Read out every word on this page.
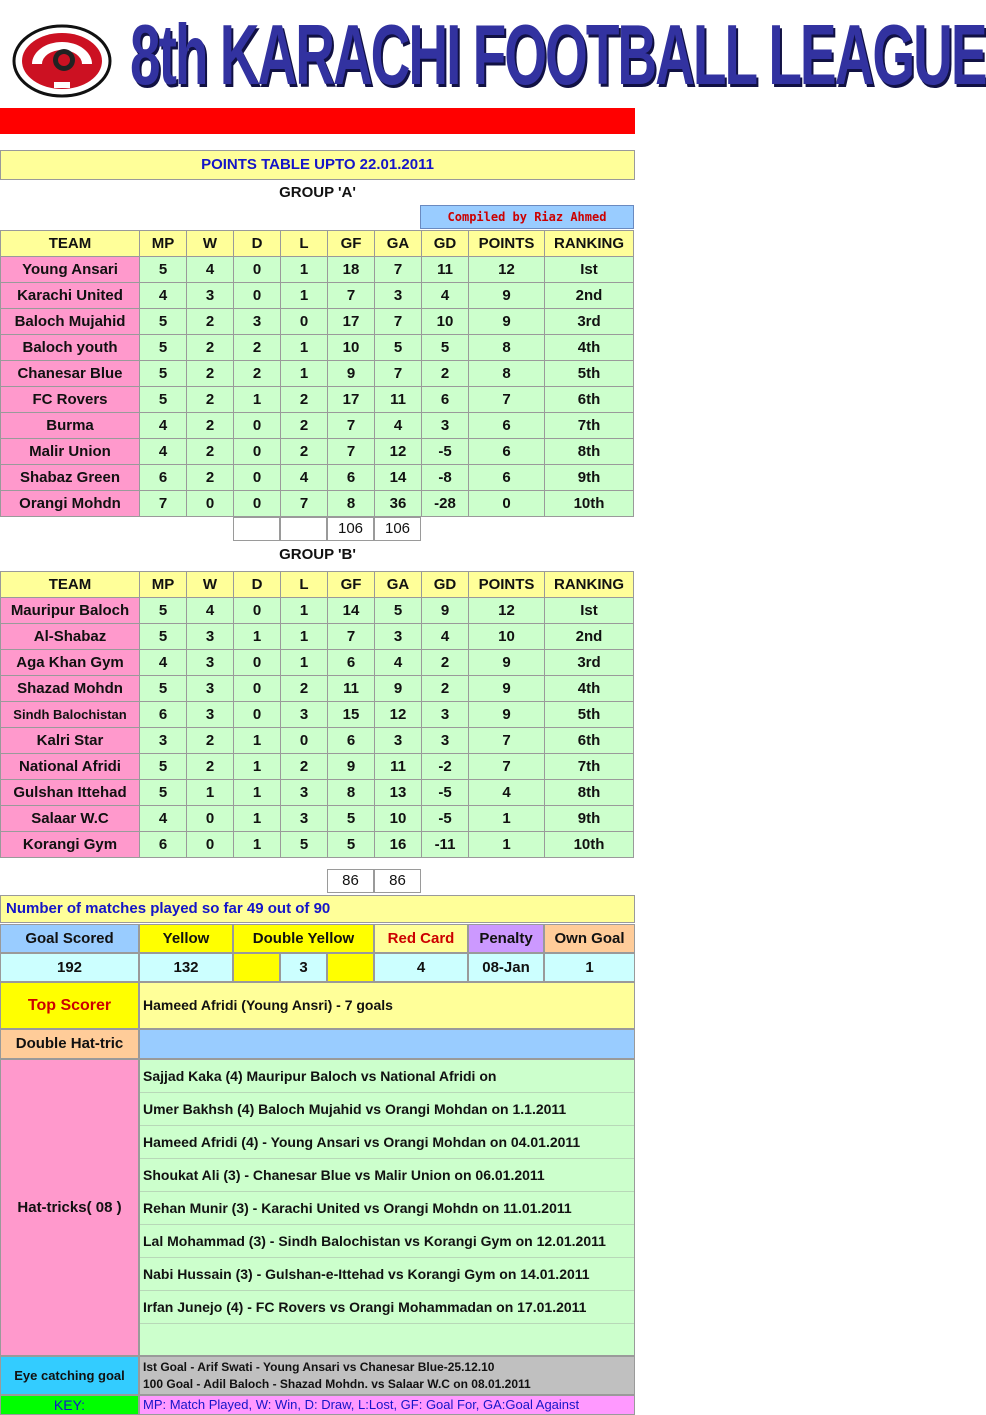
8th KARACHI FOOTBALL LEAGUE
POINTS TABLE UPTO 22.01.2011
GROUP 'A'
Compiled by Riaz Ahmed
TEAM	MP	W	D	L	GF	GA	GD	POINTS	RANKING
Young Ansari	5	4	0	1	18	7	11	12	Ist
Karachi United	4	3	0	1	7	3	4	9	2nd
Baloch Mujahid	5	2	3	0	17	7	10	9	3rd
Baloch youth	5	2	2	1	10	5	5	8	4th
Chanesar Blue	5	2	2	1	9	7	2	8	5th
FC Rovers	5	2	1	2	17	11	6	7	6th
Burma	4	2	0	2	7	4	3	6	7th
Malir Union	4	2	0	2	7	12	-5	6	8th
Shabaz Green	6	2	0	4	6	14	-8	6	9th
Orangi Mohdn	7	0	0	7	8	36	-28	0	10th
106	106
GROUP 'B'
TEAM	MP	W	D	L	GF	GA	GD	POINTS	RANKING
Mauripur Baloch	5	4	0	1	14	5	9	12	Ist
Al-Shabaz	5	3	1	1	7	3	4	10	2nd
Aga Khan Gym	4	3	0	1	6	4	2	9	3rd
Shazad Mohdn	5	3	0	2	11	9	2	9	4th
Sindh Balochistan	6	3	0	3	15	12	3	9	5th
Kalri Star	3	2	1	0	6	3	3	7	6th
National Afridi	5	2	1	2	9	11	-2	7	7th
Gulshan Ittehad	5	1	1	3	8	13	-5	4	8th
Salaar W.C	4	0	1	3	5	10	-5	1	9th
Korangi Gym	6	0	1	5	5	16	-11	1	10th
86	86
Number of matches played so far 49 out of 90
Goal Scored	Yellow	Double Yellow	Red Card	Penalty	Own Goal
192	132	3	4	08-Jan	1
Top Scorer	Hameed Afridi (Young Ansri) - 7 goals
Double Hat-tric
Hat-tricks( 08 )
Sajjad Kaka (4) Mauripur Baloch vs National Afridi on
Umer Bakhsh (4) Baloch Mujahid vs Orangi Mohdan on 1.1.2011
Hameed Afridi (4) - Young Ansari vs Orangi Mohdan on 04.01.2011
Shoukat Ali (3) - Chanesar Blue vs Malir Union on 06.01.2011
Rehan Munir (3) - Karachi United vs Orangi Mohdn on 11.01.2011
Lal Mohammad (3) - Sindh Balochistan vs Korangi Gym on 12.01.2011
Nabi Hussain (3) - Gulshan-e-Ittehad vs Korangi Gym on 14.01.2011
Irfan Junejo (4) - FC Rovers vs Orangi Mohammadan on 17.01.2011
Eye catching goal
Ist Goal - Arif Swati - Young Ansari vs Chanesar Blue-25.12.10
100 Goal - Adil Baloch - Shazad Mohdn. vs Salaar W.C on 08.01.2011
KEY:	MP: Match Played, W: Win, D: Draw, L:Lost, GF: Goal For, GA:Goal Against
